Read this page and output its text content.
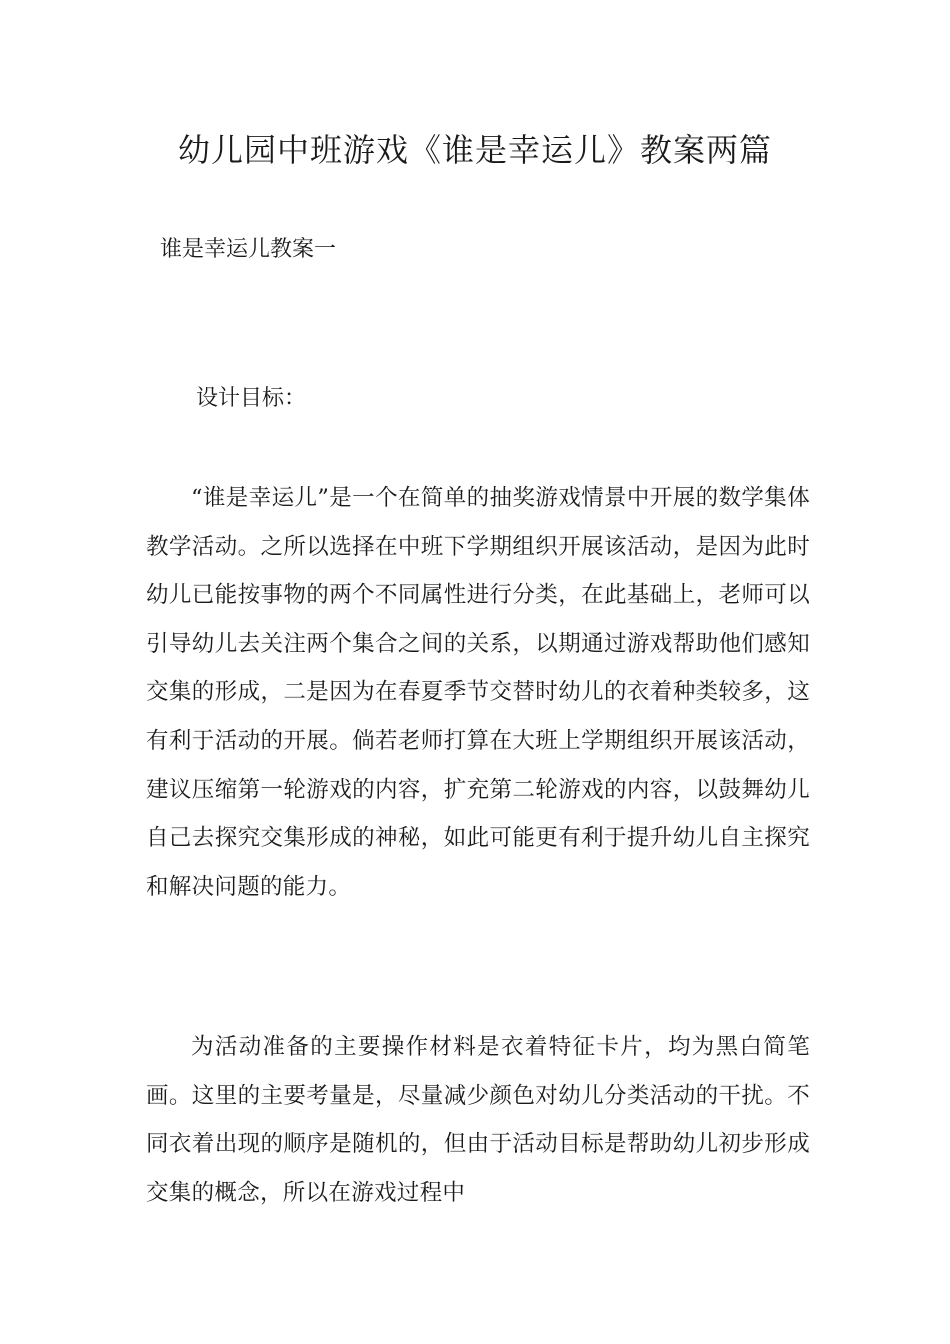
幼儿园中班游戏《谁是幸运儿》教案两篇

谁是幸运儿教案一

设计目标：

“谁是幸运儿”是一个在简单的抽奖游戏情景中开展的数学集体教学活动。之所以选择在中班下学期组织开展该活动，是因为此时幼儿已能按事物的两个不同属性进行分类，在此基础上，老师可以引导幼儿去关注两个集合之间的关系，以期通过游戏帮助他们感知交集的形成，二是因为在春夏季节交替时幼儿的衣着种类较多，这有利于活动的开展。倘若老师打算在大班上学期组织开展该活动，建议压缩第一轮游戏的内容，扩充第二轮游戏的内容，以鼓舞幼儿自己去探究交集形成的神秘，如此可能更有利于提升幼儿自主探究和解决问题的能力。

为活动准备的主要操作材料是衣着特征卡片，均为黑白简笔画。这里的主要考量是，尽量减少颜色对幼儿分类活动的干扰。不同衣着出现的顺序是随机的，但由于活动目标是帮助幼儿初步形成交集的概念，所以在游戏过程中
